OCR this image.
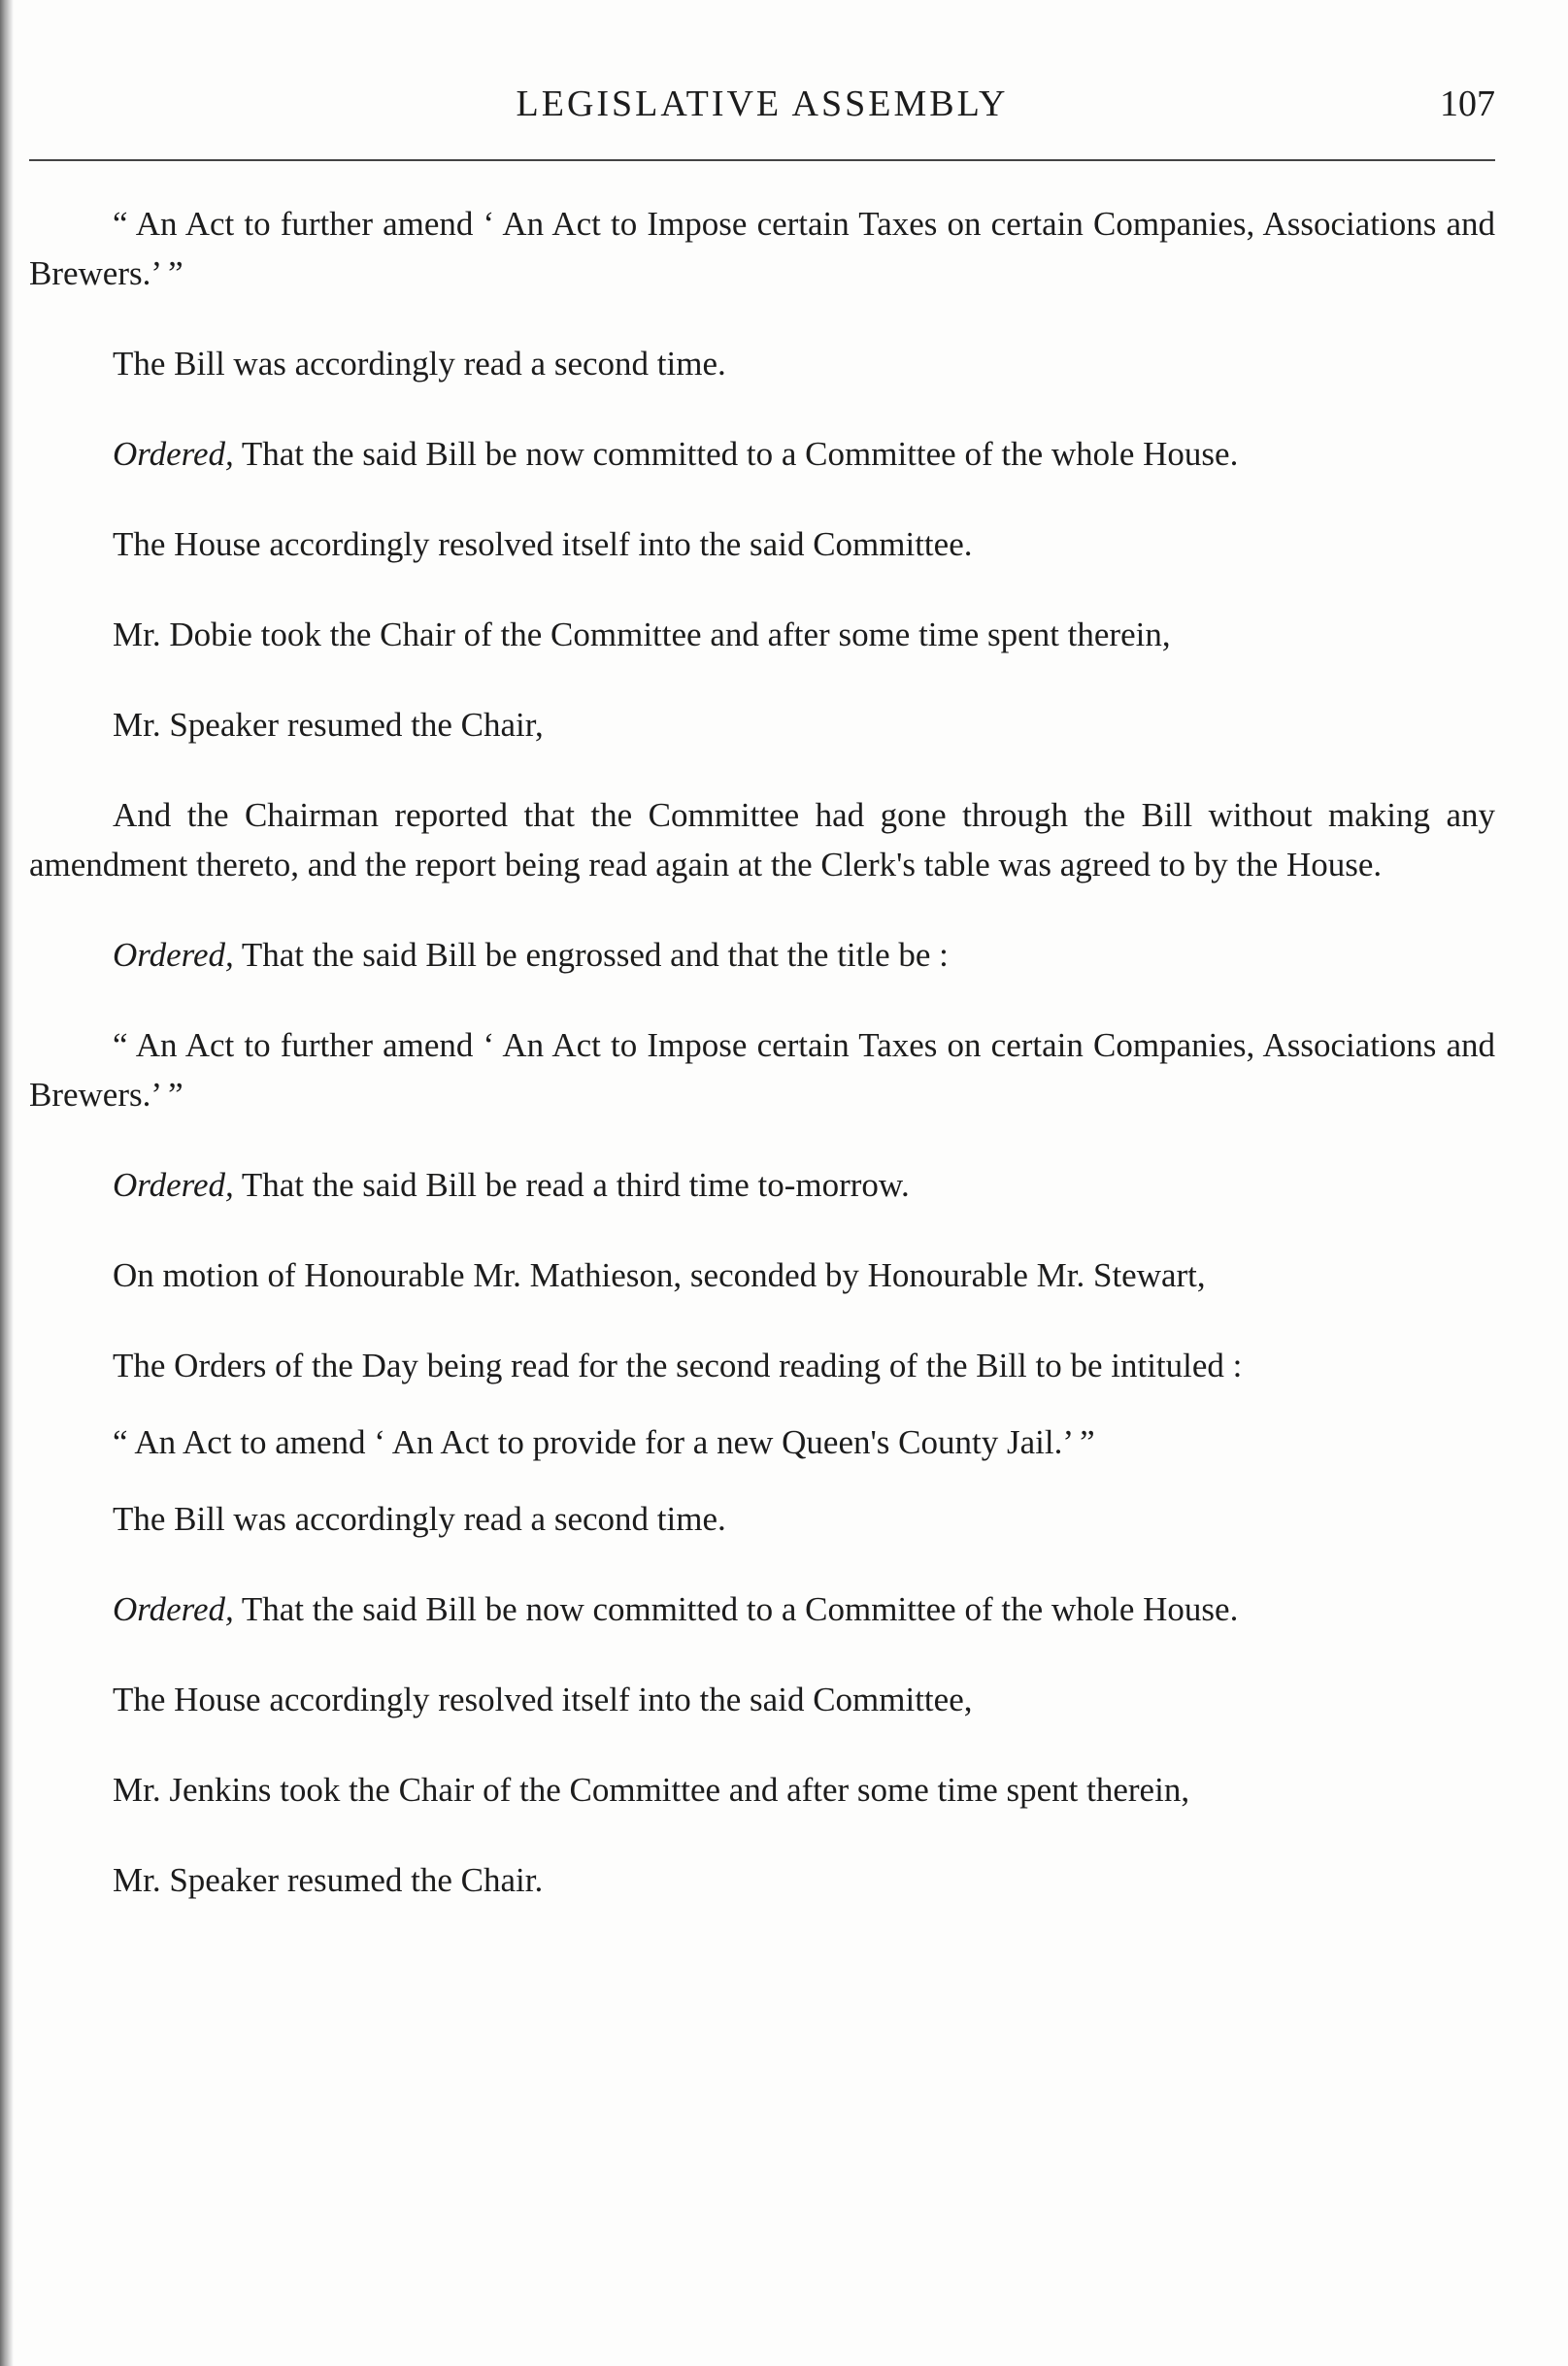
LEGISLATIVE ASSEMBLY	107

“ An Act to further amend ‘ An Act to Impose certain Taxes on certain Companies, Associations and Brewers.’ ”

The Bill was accordingly read a second time.

Ordered, That the said Bill be now committed to a Committee of the whole House.

The House accordingly resolved itself into the said Committee.

Mr. Dobie took the Chair of the Committee and after some time spent therein,

Mr. Speaker resumed the Chair,

And the Chairman reported that the Committee had gone through the Bill without making any amendment thereto, and the report being read again at the Clerk's table was agreed to by the House.

Ordered, That the said Bill be engrossed and that the title be :

“ An Act to further amend ‘ An Act to Impose certain Taxes on certain Companies, Associations and Brewers.’ ”

Ordered, That the said Bill be read a third time to-morrow.

On motion of Honourable Mr. Mathieson, seconded by Honourable Mr. Stewart,

The Orders of the Day being read for the second reading of the Bill to be intituled :

“ An Act to amend ‘ An Act to provide for a new Queen's County Jail.’ ”

The Bill was accordingly read a second time.

Ordered, That the said Bill be now committed to a Committee of the whole House.

The House accordingly resolved itself into the said Committee,

Mr. Jenkins took the Chair of the Committee and after some time spent therein,

Mr. Speaker resumed the Chair.
